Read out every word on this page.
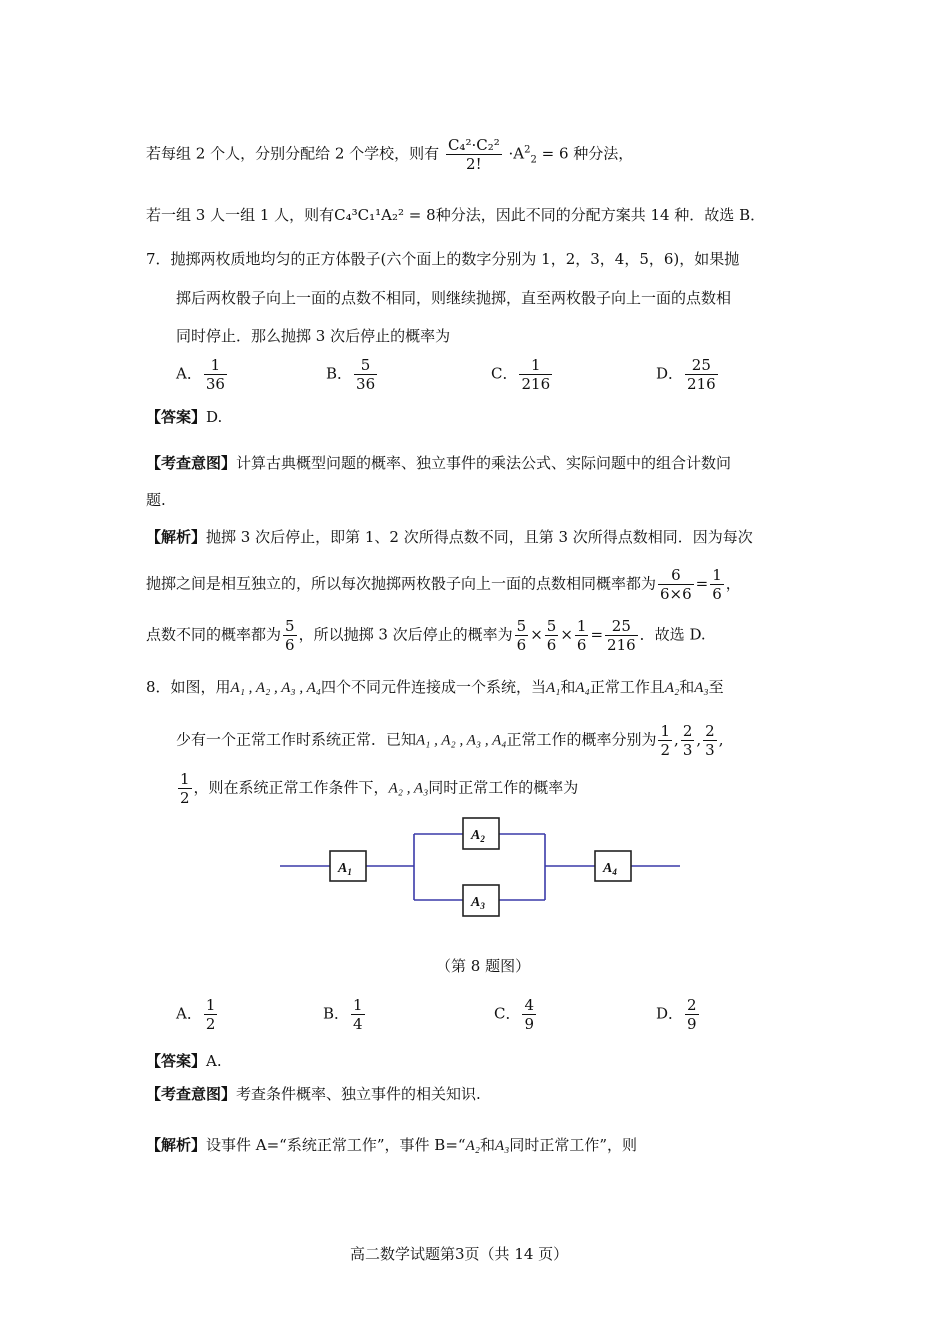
若每组 2 个人，分别分配给 2 个学校，则有 $\frac{\text{C₄²·C₂²}}{2!} \cdot A^2_2 = 6$ 种分法，
若一组 3 人一组 1 人，则有C₄³C₁¹A₂² = 8种分法，因此不同的分配方案共 14 种．故选 B．
7．抛掷两枚质地均匀的正方体骰子(六个面上的数字分别为 1，2，3，4，5，6)，如果抛
掷后两枚骰子向上一面的点数不相同，则继续抛掷，直至两枚骰子向上一面的点数相
同时停止．那么抛掷 3 次后停止的概率为
A． $\frac{1}{36}$	B． $\frac{5}{36}$	C． $\frac{1}{216}$	D． $\frac{25}{216}$
【答案】D.
【考查意图】计算古典概型问题的概率、独立事件的乘法公式、实际问题中的组合计数问
题.
【解析】抛掷 3 次后停止，即第 1、2 次所得点数不同，且第 3 次所得点数相同．因为每次
抛掷之间是相互独立的，所以每次抛掷两枚骰子向上一面的点数相同概率都为 $\frac{6}{6\times 6} = \frac{1}{6}$ ，
点数不同的概率都为 $\frac{5}{6}$ ，所以抛掷 3 次后停止的概率为 $\frac{5}{6} \times \frac{5}{6} \times \frac{1}{6} = \frac{25}{216}$ ．故选 D.
8．如图，用A₁ , A₂ , A₃ , A₄四个不同元件连接成一个系统，当A₁和A₄正常工作且A₂和A₃至
少有一个正常工作时系统正常．已知A₁ , A₂ , A₃ , A₄正常工作的概率分别为 $\frac{1}{2}$ , $\frac{2}{3}$ , $\frac{2}{3}$ ,
$\frac{1}{2}$ ，则在系统正常工作条件下，A₂ , A₃同时正常工作的概率为
$A_1$
$A_2$
$A_3$
$A_4$
（第 8 题图）
A． $\frac{1}{2}$	B． $\frac{1}{4}$	C． $\frac{4}{9}$	D． $\frac{2}{9}$
【答案】A.
【考查意图】考查条件概率、独立事件的相关知识.
【解析】设事件 A=“系统正常工作”，事件 B=“A₂和A₃同时正常工作”，则
高二数学试题第3页（共 14 页）
